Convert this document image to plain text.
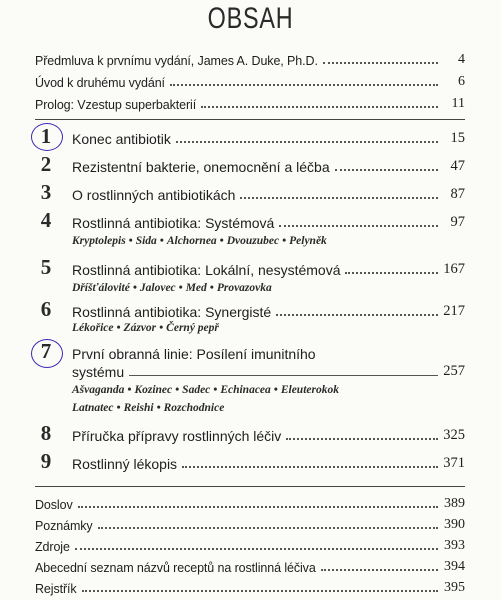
OBSAH
Předmluva k prvnímu vydání, James A. Duke, Ph.D.	4
Úvod k druhému vydání	6
Prolog: Vzestup superbakterií	11
1	Konec antibiotik	15
2	Rezistentní bakterie, onemocnění a léčba	47
3	O rostlinných antibiotikách	87
4	Rostlinná antibiotika: Systémová	97
Kryptolepis • Sida • Alchornea • Dvouzubec • Pelyněk
5	Rostlinná antibiotika: Lokální, nesystémová	167
Dříšťálovité • Jalovec • Med • Provazovka
6	Rostlinná antibiotika: Synergisté	217
Lékořice • Zázvor • Černý pepř
7	První obranná linie: Posílení imunitního
systému	257
Ašvaganda • Kozinec • Sadec • Echinacea • Eleuterokok
Latnatec • Reishi • Rozchodnice
8	Příručka přípravy rostlinných léčiv	325
9	Rostlinný lékopis	371
Doslov	389
Poznámky	390
Zdroje	393
Abecední seznam názvů receptů na rostlinná léčiva	394
Rejstřík	395
